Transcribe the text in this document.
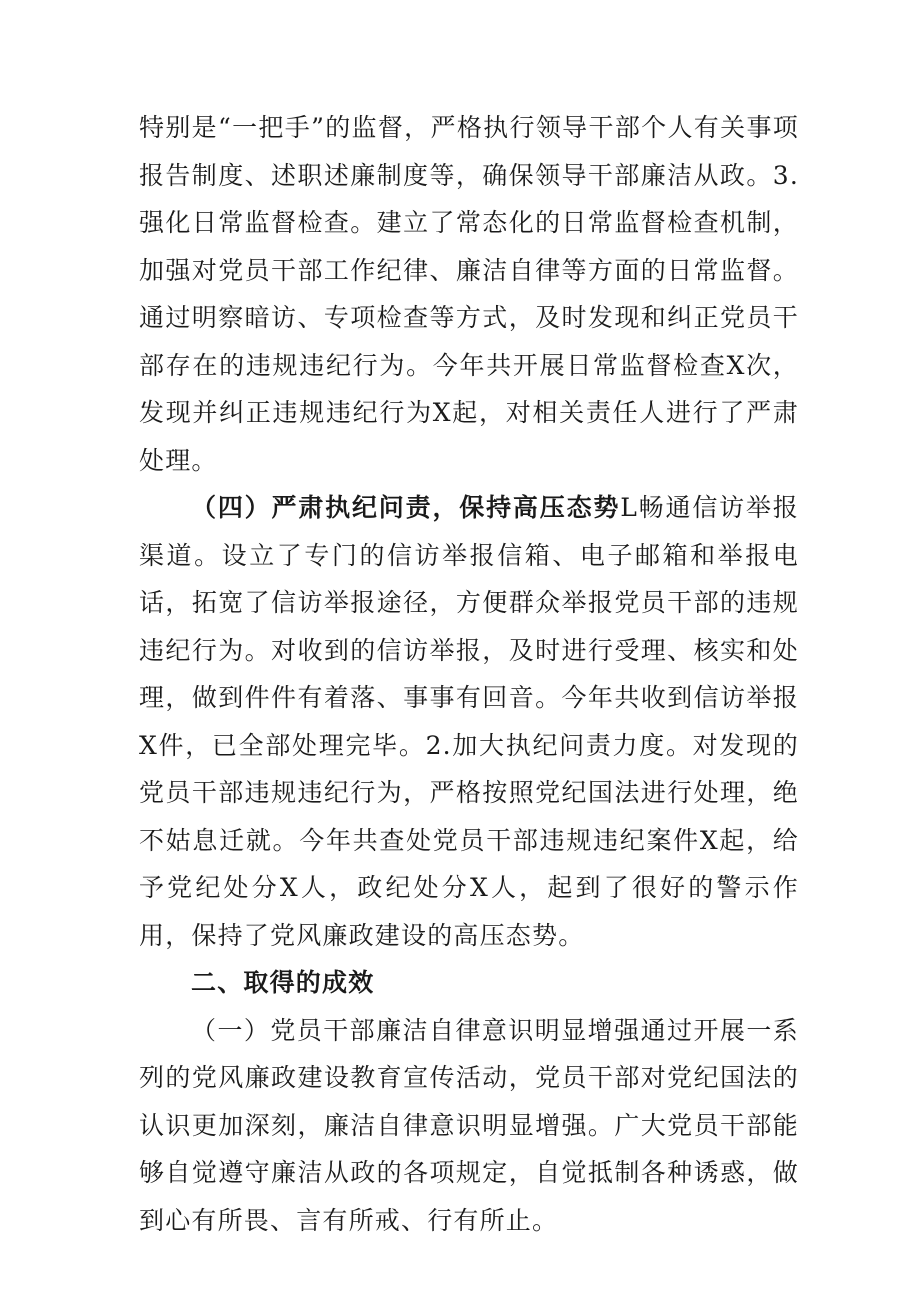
特别是“一把手”的监督，严格执行领导干部个人有关事项报告制度、述职述廉制度等，确保领导干部廉洁从政。3.强化日常监督检查。建立了常态化的日常监督检查机制，加强对党员干部工作纪律、廉洁自律等方面的日常监督。通过明察暗访、专项检查等方式，及时发现和纠正党员干部存在的违规违纪行为。今年共开展日常监督检查X次，发现并纠正违规违纪行为X起，对相关责任人进行了严肃处理。

（四）严肃执纪问责，保持高压态势L畅通信访举报渠道。设立了专门的信访举报信箱、电子邮箱和举报电话，拓宽了信访举报途径，方便群众举报党员干部的违规违纪行为。对收到的信访举报，及时进行受理、核实和处理，做到件件有着落、事事有回音。今年共收到信访举报X件，已全部处理完毕。2.加大执纪问责力度。对发现的党员干部违规违纪行为，严格按照党纪国法进行处理，绝不姑息迁就。今年共查处党员干部违规违纪案件X起，给予党纪处分X人，政纪处分X人，起到了很好的警示作用，保持了党风廉政建设的高压态势。

二、取得的成效

（一）党员干部廉洁自律意识明显增强通过开展一系列的党风廉政建设教育宣传活动，党员干部对党纪国法的认识更加深刻，廉洁自律意识明显增强。广大党员干部能够自觉遵守廉洁从政的各项规定，自觉抵制各种诱惑，做到心有所畏、言有所戒、行有所止。
